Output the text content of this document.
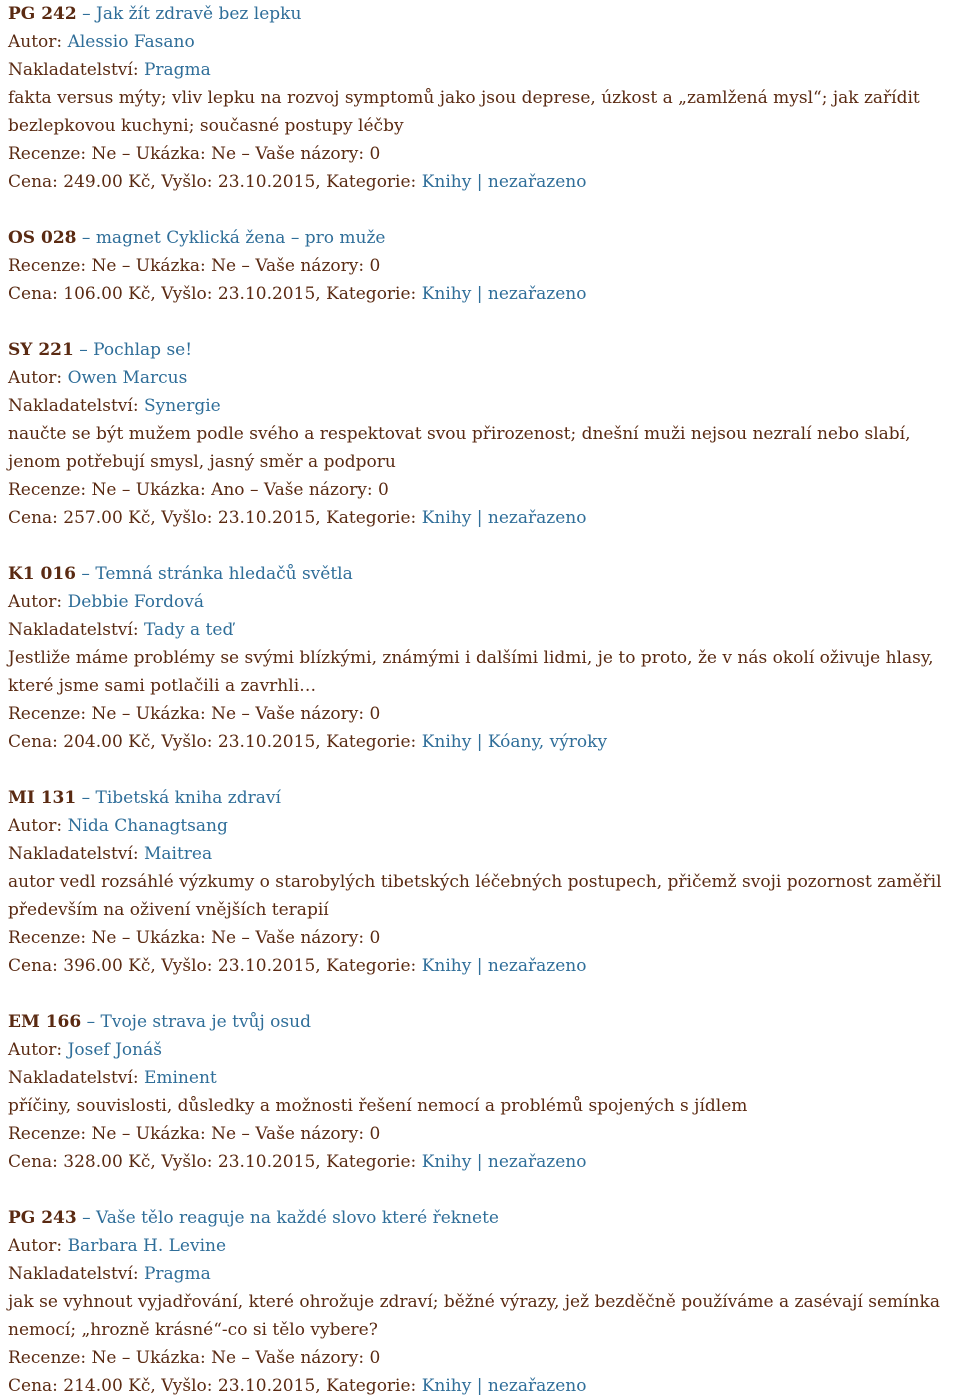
PG 242 – Jak žít zdravě bez lepku
Autor: Alessio Fasano
Nakladatelství: Pragma
fakta versus mýty; vliv lepku na rozvoj symptomů jako jsou deprese, úzkost a „zamlžená mysl“; jak zařídit bezlepkovou kuchyni; současné postupy léčby
Recenze: Ne – Ukázka: Ne – Vaše názory: 0
Cena: 249.00 Kč, Vyšlo: 23.10.2015, Kategorie: Knihy | nezařazeno
OS 028 – magnet Cyklická žena – pro muže
Recenze: Ne – Ukázka: Ne – Vaše názory: 0
Cena: 106.00 Kč, Vyšlo: 23.10.2015, Kategorie: Knihy | nezařazeno
SY 221 – Pochlap se!
Autor: Owen Marcus
Nakladatelství: Synergie
naučte se být mužem podle svého a respektovat svou přirozenost; dnešní muži nejsou nezralí nebo slabí, jenom potřebují smysl, jasný směr a podporu
Recenze: Ne – Ukázka: Ano – Vaše názory: 0
Cena: 257.00 Kč, Vyšlo: 23.10.2015, Kategorie: Knihy | nezařazeno
K1 016 – Temná stránka hledačů světla
Autor: Debbie Fordová
Nakladatelství: Tady a teď
Jestliže máme problémy se svými blízkými, známými i dalšími lidmi, je to proto, že v nás okolí oživuje hlasy, které jsme sami potlačili a zavrhli…
Recenze: Ne – Ukázka: Ne – Vaše názory: 0
Cena: 204.00 Kč, Vyšlo: 23.10.2015, Kategorie: Knihy | Kóany, výroky
MI 131 – Tibetská kniha zdraví
Autor: Nida Chanagtsang
Nakladatelství: Maitrea
autor vedl rozsáhlé výzkumy o starobylých tibetských léčebných postupech, přičemž svoji pozornost zaměřil především na oživení vnějších terapií
Recenze: Ne – Ukázka: Ne – Vaše názory: 0
Cena: 396.00 Kč, Vyšlo: 23.10.2015, Kategorie: Knihy | nezařazeno
EM 166 – Tvoje strava je tvůj osud
Autor: Josef Jonáš
Nakladatelství: Eminent
příčiny, souvislosti, důsledky a možnosti řešení nemocí a problémů spojených s jídlem
Recenze: Ne – Ukázka: Ne – Vaše názory: 0
Cena: 328.00 Kč, Vyšlo: 23.10.2015, Kategorie: Knihy | nezařazeno
PG 243 – Vaše tělo reaguje na každé slovo které řeknete
Autor: Barbara H. Levine
Nakladatelství: Pragma
jak se vyhnout vyjadřování, které ohrožuje zdraví; běžné výrazy, jež bezděčně používáme a zasévají semínka nemocí; „hrozně krásné“-co si tělo vybere?
Recenze: Ne – Ukázka: Ne – Vaše názory: 0
Cena: 214.00 Kč, Vyšlo: 23.10.2015, Kategorie: Knihy | nezařazeno
